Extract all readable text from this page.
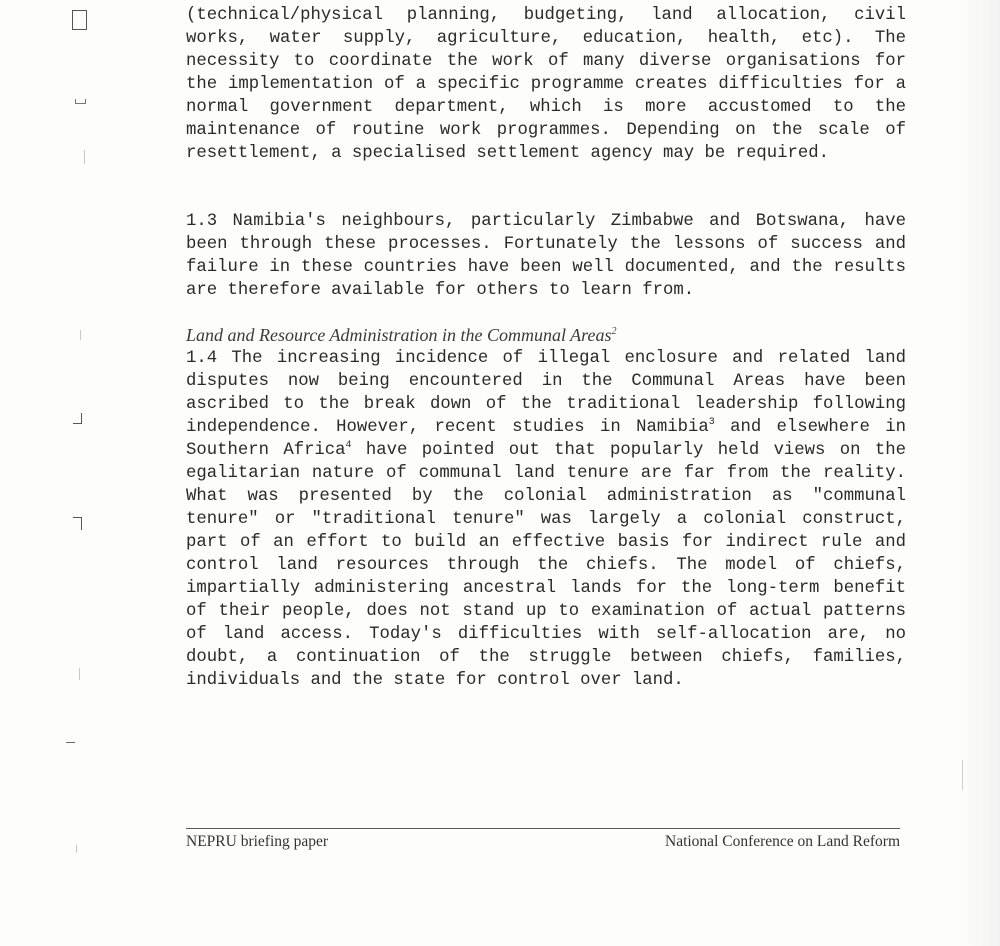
(technical/physical planning, budgeting, land allocation, civil works, water supply, agriculture, education, health, etc). The necessity to coordinate the work of many diverse organisations for the implementation of a specific programme creates difficulties for a normal government department, which is more accustomed to the maintenance of routine work programmes. Depending on the scale of resettlement, a specialised settlement agency may be required.
1.3 Namibia's neighbours, particularly Zimbabwe and Botswana, have been through these processes. Fortunately the lessons of success and failure in these countries have been well documented, and the results are therefore available for others to learn from.
Land and Resource Administration in the Communal Areas$^2$
1.4 The increasing incidence of illegal enclosure and related land disputes now being encountered in the Communal Areas have been ascribed to the break down of the traditional leadership following independence. However, recent studies in Namibia$^3$ and elsewhere in Southern Africa$^4$ have pointed out that popularly held views on the egalitarian nature of communal land tenure are far from the reality. What was presented by the colonial administration as "communal tenure" or "traditional tenure" was largely a colonial construct, part of an effort to build an effective basis for indirect rule and control land resources through the chiefs. The model of chiefs, impartially administering ancestral lands for the long-term benefit of their people, does not stand up to examination of actual patterns of land access. Today's difficulties with self-allocation are, no doubt, a continuation of the struggle between chiefs, families, individuals and the state for control over land.
NEPRU briefing paper	National Conference on Land Reform
